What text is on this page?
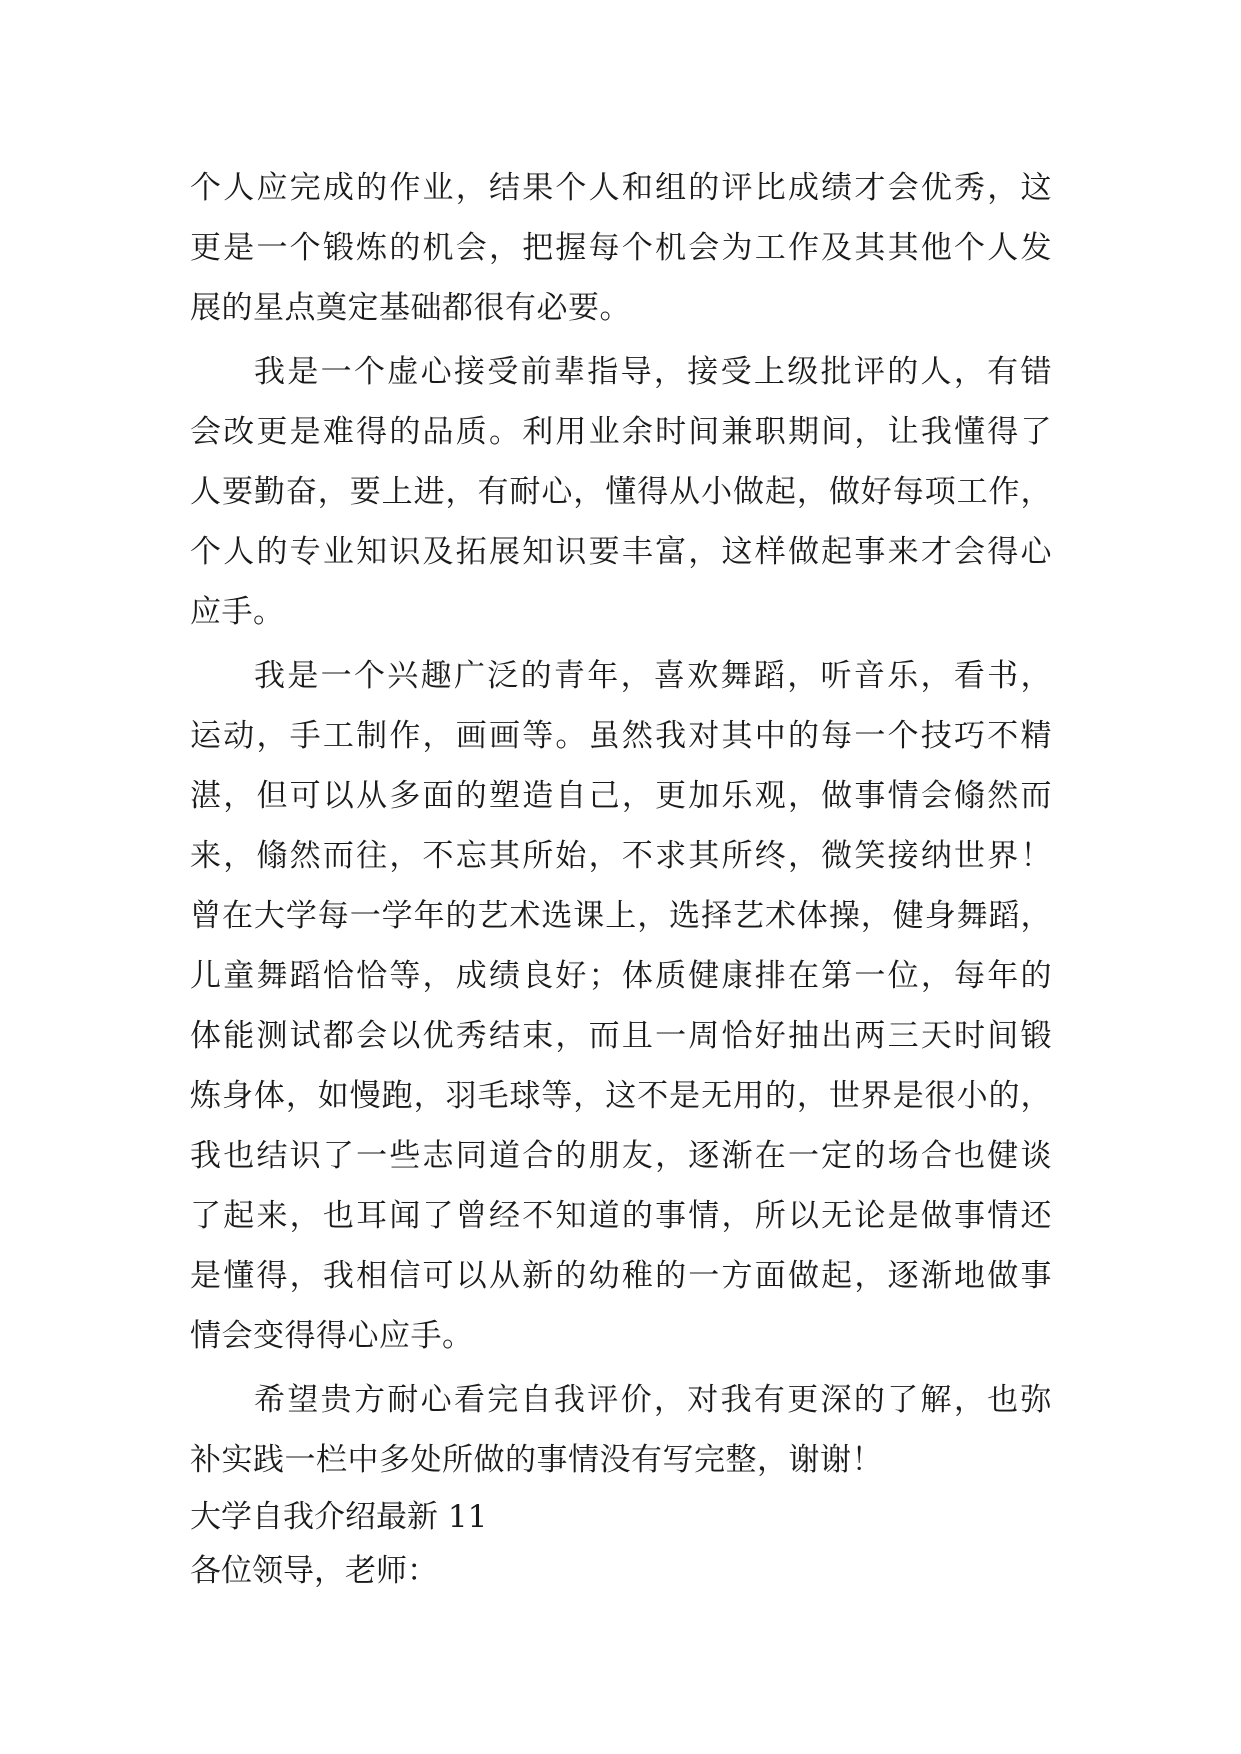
个人应完成的作业，结果个人和组的评比成绩才会优秀，这
更是一个锻炼的机会，把握每个机会为工作及其其他个人发
展的星点奠定基础都很有必要。
我是一个虚心接受前辈指导，接受上级批评的人，有错
会改更是难得的品质。利用业余时间兼职期间，让我懂得了
人要勤奋，要上进，有耐心，懂得从小做起，做好每项工作，
个人的专业知识及拓展知识要丰富，这样做起事来才会得心
应手。
我是一个兴趣广泛的青年，喜欢舞蹈，听音乐，看书，
运动，手工制作，画画等。虽然我对其中的每一个技巧不精
湛，但可以从多面的塑造自己，更加乐观，做事情会翛然而
来，翛然而往，不忘其所始，不求其所终，微笑接纳世界！
曾在大学每一学年的艺术选课上，选择艺术体操，健身舞蹈，
儿童舞蹈恰恰等，成绩良好；体质健康排在第一位，每年的
体能测试都会以优秀结束，而且一周恰好抽出两三天时间锻
炼身体，如慢跑，羽毛球等，这不是无用的，世界是很小的，
我也结识了一些志同道合的朋友，逐渐在一定的场合也健谈
了起来，也耳闻了曾经不知道的事情，所以无论是做事情还
是懂得，我相信可以从新的幼稚的一方面做起，逐渐地做事
情会变得得心应手。
希望贵方耐心看完自我评价，对我有更深的了解，也弥
补实践一栏中多处所做的事情没有写完整，谢谢！
大学自我介绍最新 11
各位领导，老师：
